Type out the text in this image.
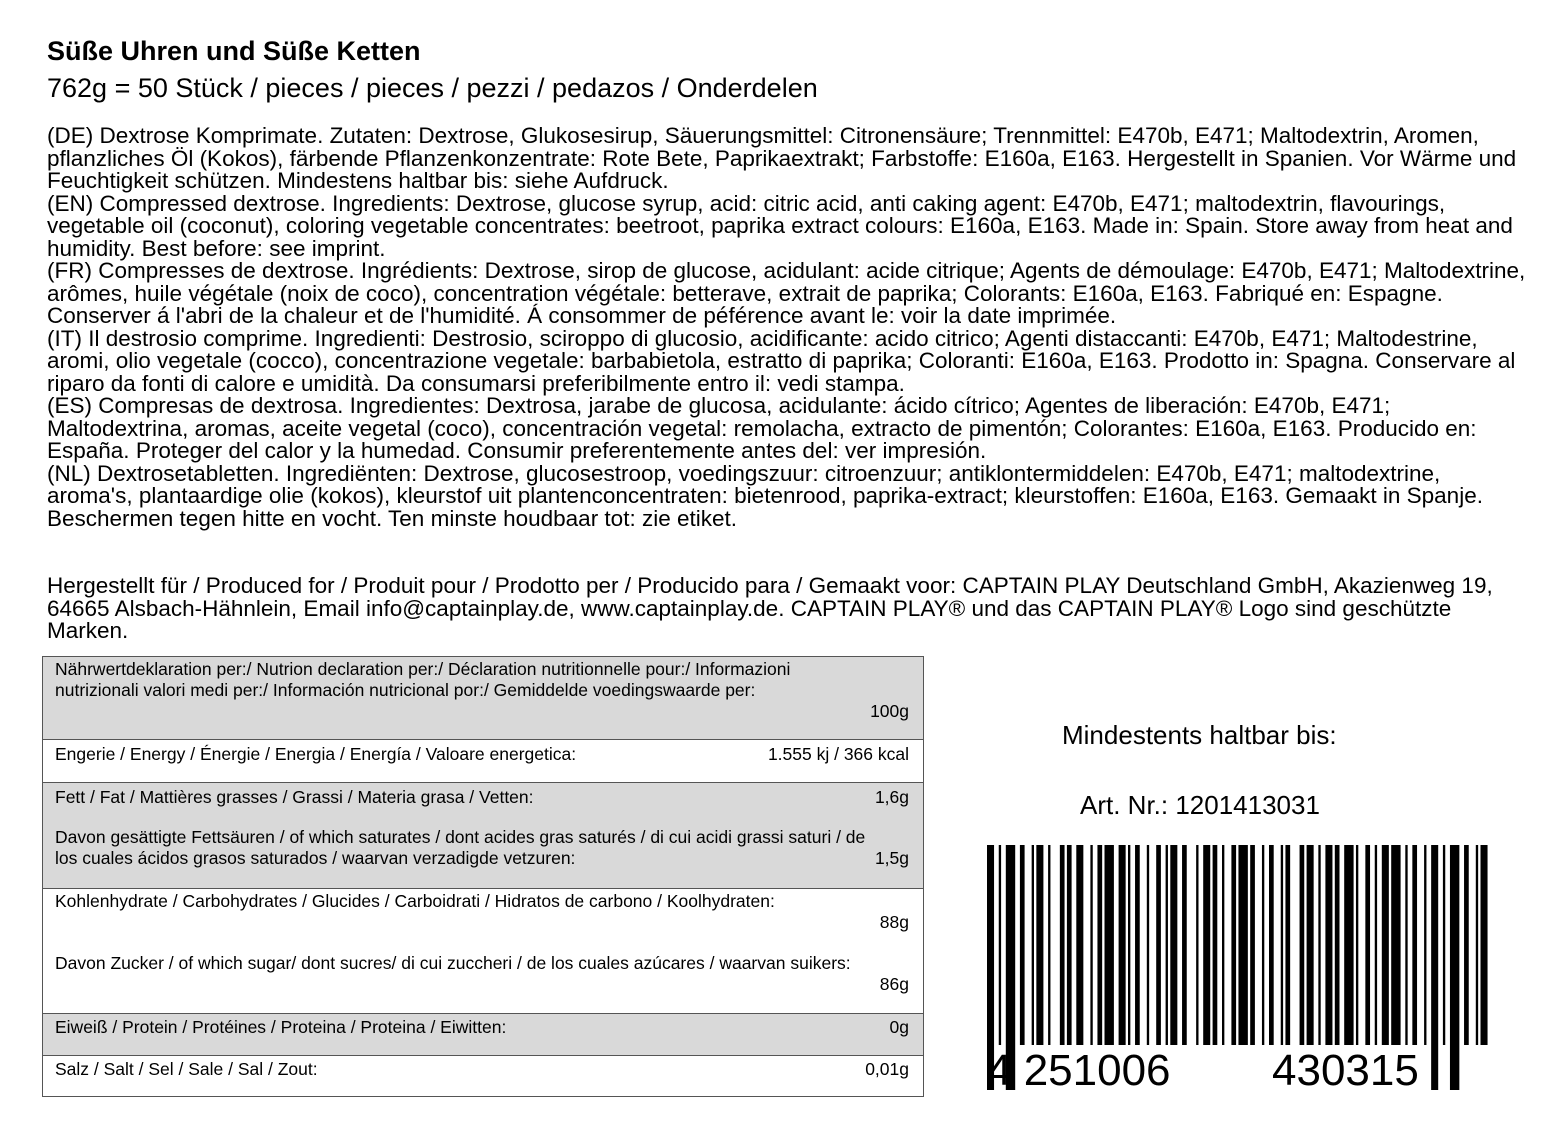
Süße Uhren und Süße Ketten
762g = 50 Stück / pieces / pieces / pezzi / pedazos / Onderdelen

(DE) Dextrose Komprimate. Zutaten: Dextrose, Glukosesirup, Säuerungsmittel: Citronensäure; Trennmittel: E470b, E471; Maltodextrin, Aromen, pflanzliches Öl (Kokos), färbende Pflanzenkonzentrate: Rote Bete, Paprikaextrakt; Farbstoffe: E160a, E163. Hergestellt in Spanien. Vor Wärme und Feuchtigkeit schützen. Mindestens haltbar bis: siehe Aufdruck.

(EN) Compressed dextrose. Ingredients: Dextrose, glucose syrup, acid: citric acid, anti caking agent: E470b, E471; maltodextrin, flavourings, vegetable oil (coconut), coloring vegetable concentrates: beetroot, paprika extract colours: E160a, E163. Made in: Spain. Store away from heat and humidity. Best before: see imprint.

(FR) Compresses de dextrose. Ingrédients: Dextrose, sirop de glucose, acidulant: acide citrique; Agents de démoulage: E470b, E471; Maltodextrine, arômes, huile végétale (noix de coco), concentration végétale: betterave, extrait de paprika; Colorants: E160a, E163. Fabriqué en: Espagne. Conserver á l'abri de la chaleur et de l'humidité. Á consommer de péférence avant le: voir la date imprimée.

(IT) Il destrosio comprime. Ingredienti: Destrosio, sciroppo di glucosio, acidificante: acido citrico; Agenti distaccanti: E470b, E471; Maltodestrine, aromi, olio vegetale (cocco), concentrazione vegetale: barbabietola, estratto di paprika; Coloranti: E160a, E163. Prodotto in: Spagna. Conservare al riparo da fonti di calore e umidità. Da consumarsi preferibilmente entro il: vedi stampa.

(ES) Compresas de dextrosa. Ingredientes: Dextrosa, jarabe de glucosa, acidulante: ácido cítrico; Agentes de liberación: E470b, E471; Maltodextrina, aromas, aceite vegetal (coco), concentración vegetal: remolacha, extracto de pimentón; Colorantes: E160a, E163. Producido en: España. Proteger del calor y la humedad. Consumir preferentemente antes del: ver impresión.

(NL) Dextrosetabletten. Ingrediënten: Dextrose, glucosestroop, voedingszuur: citroenzuur; antiklontermiddelen: E470b, E471; maltodextrine, aroma's, plantaardige olie (kokos), kleurstof uit plantenconcentraten: bietenrood, paprika-extract; kleurstoffen: E160a, E163. Gemaakt in Spanje. Beschermen tegen hitte en vocht. Ten minste houdbaar tot: zie etiket.

Hergestellt für / Produced for / Produit pour / Prodotto per / Producido para / Gemaakt voor: CAPTAIN PLAY Deutschland GmbH, Akazienweg 19, 64665 Alsbach-Hähnlein, Email info@captainplay.de, www.captainplay.de. CAPTAIN PLAY® und das CAPTAIN PLAY® Logo sind geschützte Marken.
Nährwertdeklaration per:/ Nutrion declaration per:/ Déclaration nutritionnelle pour:/ Informazioni nutrizionali valori medi per:/ Información nutricional por:/ Gemiddelde voedingswaarde per:
100g
Engerie / Energy / Énergie / Energia / Energía / Valoare energetica:	1.555 kj / 366 kcal
Fett / Fat / Mattières grasses / Grassi / Materia grasa / Vetten:	1,6g
Davon gesättigte Fettsäuren / of which saturates / dont acides gras saturés / di cui acidi grassi saturi / de los cuales ácidos grasos saturados / waarvan verzadigde vetzuren:	1,5g
Kohlenhydrate / Carbohydrates / Glucides / Carboidrati / Hidratos de carbono / Koolhydraten:
88g
Davon Zucker / of which sugar/ dont sucres/ di cui zuccheri / de los cuales azúcares / waarvan suikers:
86g
Eiweiß / Protein / Protéines / Proteina / Proteina / Eiwitten:	0g
Salz / Salt / Sel / Sale / Sal / Zout:	0,01g
Mindestents haltbar bis:
Art. Nr.: 1201413031
4 251006 430315
